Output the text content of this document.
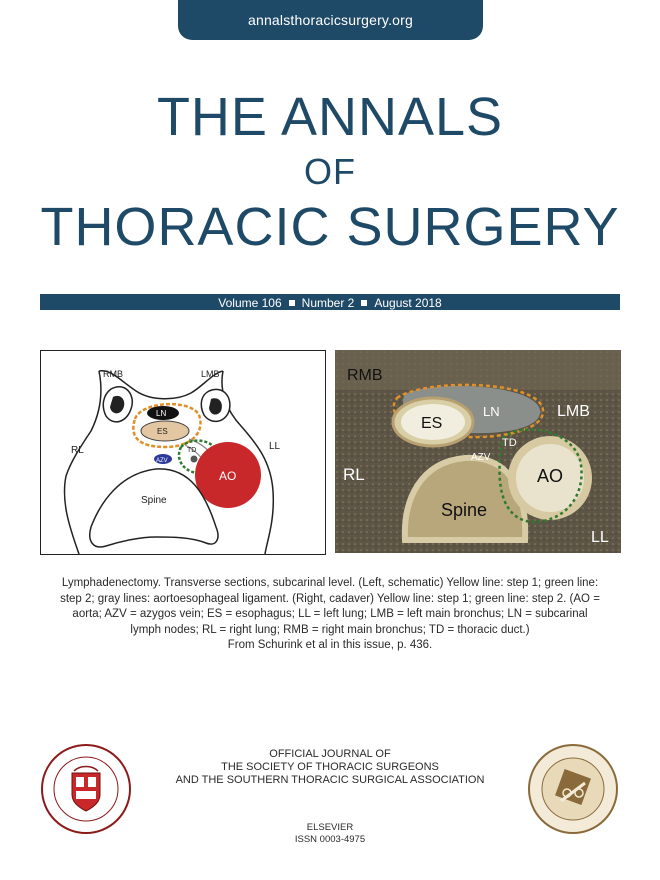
annalsthoracicsurgery.org
THE ANNALS
OF
THORACIC SURGERY
Volume 106 Number 2 August 2018
RMB	LMB
LN
ES
RL	LL
AZV
TD
AO
Spine
RMB
ES
LN	LMB
TD
RL
AZV
AO
Spine
LL
Lymphadenectomy. Transverse sections, subcarinal level. (Left, schematic) Yellow line: step 1; green line: step 2; gray lines: aortoesophageal ligament. (Right, cadaver) Yellow line: step 1; green line: step 2. (AO = aorta; AZV = azygos vein; ES = esophagus; LL = left lung; LMB = left main bronchus; LN = subcarinal lymph nodes; RL = right lung; RMB = right main bronchus; TD = thoracic duct.)
From Schurink et al in this issue, p. 436.
OFFICIAL JOURNAL OF
THE SOCIETY OF THORACIC SURGEONS
AND THE SOUTHERN THORACIC SURGICAL ASSOCIATION
ELSEVIER
ISSN 0003-4975
